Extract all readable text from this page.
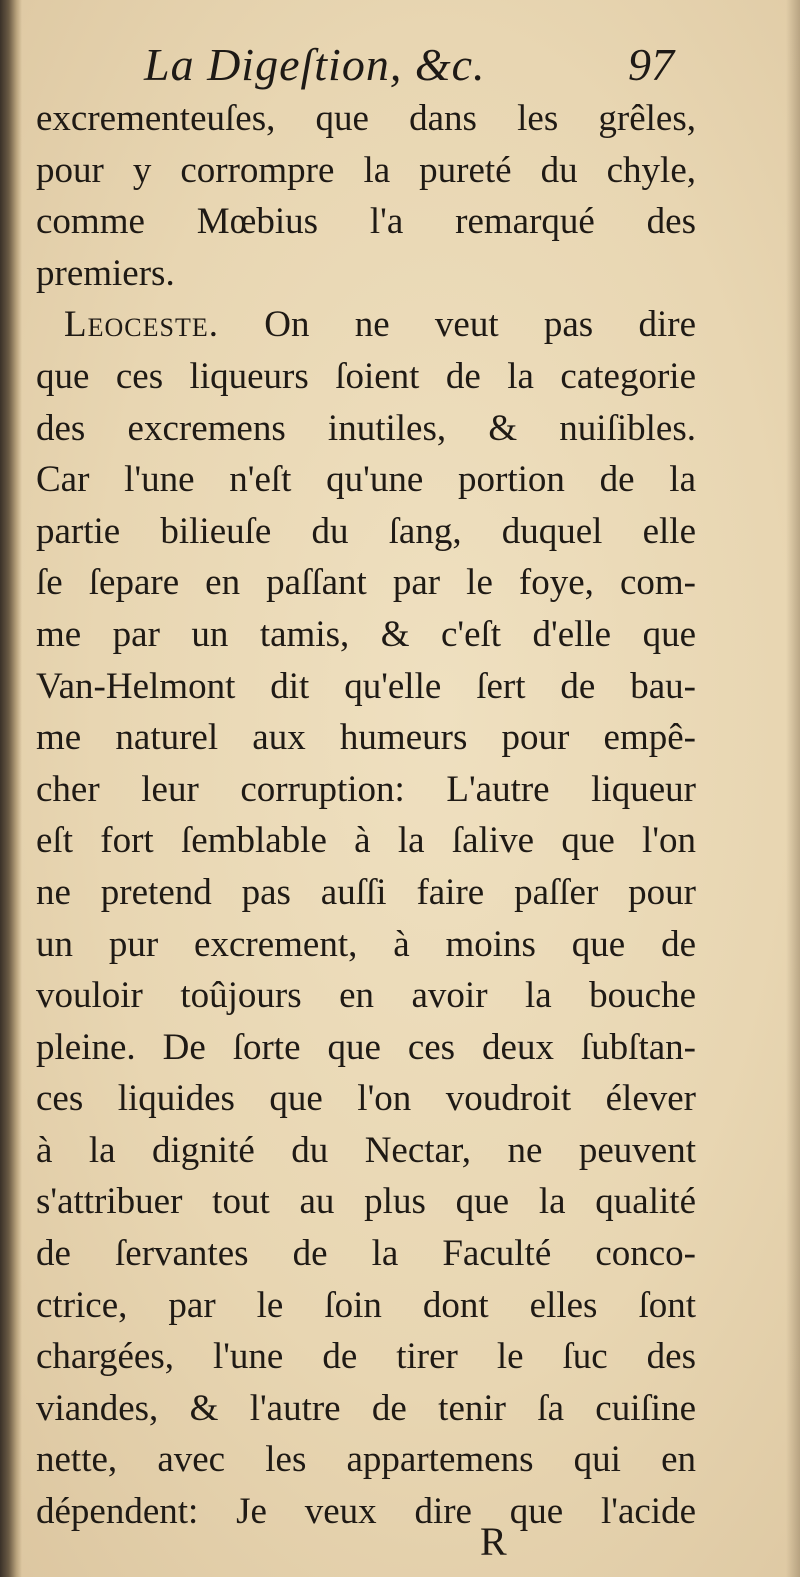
La Digeſtion, &c.	97
excrementeuſes, que dans les grêles,
pour y corrompre la pureté du chyle,
comme Mœbius l'a remarqué des
premiers.
Leoceste. On ne veut pas dire
que ces liqueurs ſoient de la categorie
des excremens inutiles, & nuiſibles.
Car l'une n'eſt qu'une portion de la
partie bilieuſe du ſang, duquel elle
ſe ſepare en paſſant par le foye, com-
me par un tamis, & c'eſt d'elle que
Van-Helmont dit qu'elle ſert de bau-
me naturel aux humeurs pour empê-
cher leur corruption: L'autre liqueur
eſt fort ſemblable à la ſalive que l'on
ne pretend pas auſſi faire paſſer pour
un pur excrement, à moins que de
vouloir toûjours en avoir la bouche
pleine. De ſorte que ces deux ſubſtan-
ces liquides que l'on voudroit élever
à la dignité du Nectar, ne peuvent
s'attribuer tout au plus que la qualité
de ſervantes de la Faculté conco-
ctrice, par le ſoin dont elles ſont
chargées, l'une de tirer le ſuc des
viandes, & l'autre de tenir ſa cuiſine
nette, avec les appartemens qui en
dépendent: Je veux dire que l'acide
R
